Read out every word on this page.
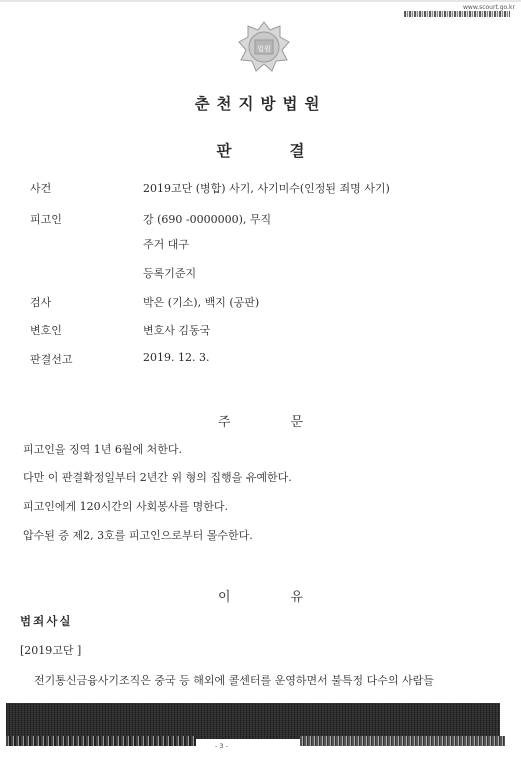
www.scourt.go.kr
법원
춘천지방법원
판결
사건	2019고단 (병합) 사기, 사기미수(인정된 죄명 사기)
피고인	강 (690 -0000000), 무직
주거 대구
등록기준지
검사	박은 (기소), 백지 (공판)
변호인	변호사 김동국
판결선고	2019. 12. 3.
주문
피고인을 징역 1년 6월에 처한다.
다만 이 판결확정일부터 2년간 위 형의 집행을 유예한다.
피고인에게 120시간의 사회봉사를 명한다.
압수된 증 제2, 3호를 피고인으로부터 몰수한다.
이유
범죄사실
[2019고단 ]
전기통신금융사기조직은 중국 등 해외에 콜센터를 운영하면서 불특정 다수의 사람들
- 3 -
